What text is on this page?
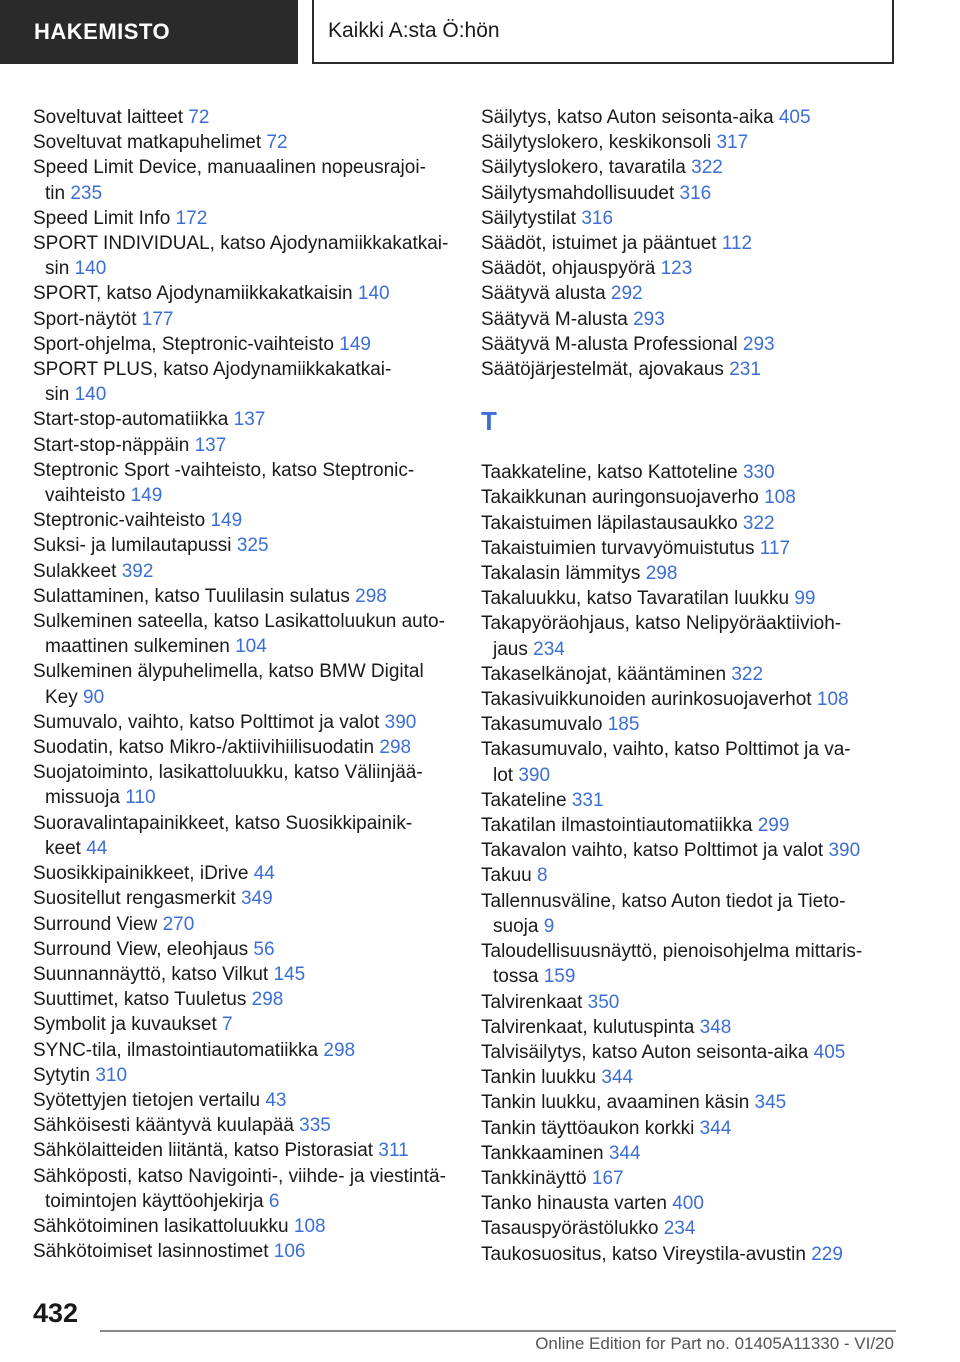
HAKEMISTO	Kaikki A:sta Ö:hön
Soveltuvat laitteet 72
Soveltuvat matkapuhelimet 72
Speed Limit Device, manuaalinen nopeusrajoi-
tin 235
Speed Limit Info 172
SPORT INDIVIDUAL, katso Ajodynamiikkakatkai-
sin 140
SPORT, katso Ajodynamiikkakatkaisin 140
Sport-näytöt 177
Sport-ohjelma, Steptronic-vaihteisto 149
SPORT PLUS, katso Ajodynamiikkakatkai-
sin 140
Start-stop-automatiikka 137
Start-stop-näppäin 137
Steptronic Sport -vaihteisto, katso Steptronic-
vaihteisto 149
Steptronic-vaihteisto 149
Suksi- ja lumilautapussi 325
Sulakkeet 392
Sulattaminen, katso Tuulilasin sulatus 298
Sulkeminen sateella, katso Lasikattoluukun auto-
maattinen sulkeminen 104
Sulkeminen älypuhelimella, katso BMW Digital
Key 90
Sumuvalo, vaihto, katso Polttimot ja valot 390
Suodatin, katso Mikro-/aktiivihiilisuodatin 298
Suojatoiminto, lasikattoluukku, katso Väliinjää-
missuoja 110
Suoravalintapainikkeet, katso Suosikkipainik-
keet 44
Suosikkipainikkeet, iDrive 44
Suositellut rengasmerkit 349
Surround View 270
Surround View, eleohjaus 56
Suunnannäyttö, katso Vilkut 145
Suuttimet, katso Tuuletus 298
Symbolit ja kuvaukset 7
SYNC-tila, ilmastointiautomatiikka 298
Sytytin 310
Syötettyjen tietojen vertailu 43
Sähköisesti kääntyvä kuulapää 335
Sähkölaitteiden liitäntä, katso Pistorasiat 311
Sähköposti, katso Navigointi-, viihde- ja viestintä-
toimintojen käyttöohjekirja 6
Sähkötoiminen lasikattoluukku 108
Sähkötoimiset lasinnostimet 106
Säilytys, katso Auton seisonta-aika 405
Säilytyslokero, keskikonsoli 317
Säilytyslokero, tavaratila 322
Säilytysmahdollisuudet 316
Säilytystilat 316
Säädöt, istuimet ja pääntuet 112
Säädöt, ohjauspyörä 123
Säätyvä alusta 292
Säätyvä M-alusta 293
Säätyvä M-alusta Professional 293
Säätöjärjestelmät, ajovakaus 231
T
Taakkateline, katso Kattoteline 330
Takaikkunan auringonsuojaverho 108
Takaistuimen läpilastausaukko 322
Takaistuimien turvavyömuistutus 117
Takalasin lämmitys 298
Takaluukku, katso Tavaratilan luukku 99
Takapyöräohjaus, katso Nelipyöräaktiivioh-
jaus 234
Takaselkänojat, kääntäminen 322
Takasivuikkunoiden aurinkosuojaverhot 108
Takasumuvalo 185
Takasumuvalo, vaihto, katso Polttimot ja va-
lot 390
Takateline 331
Takatilan ilmastointiautomatiikka 299
Takavalon vaihto, katso Polttimot ja valot 390
Takuu 8
Tallennusväline, katso Auton tiedot ja Tieto-
suoja 9
Taloudellisuusnäyttö, pienoisohjelma mittaris-
tossa 159
Talvirenkaat 350
Talvirenkaat, kulutuspinta 348
Talvisäilytys, katso Auton seisonta-aika 405
Tankin luukku 344
Tankin luukku, avaaminen käsin 345
Tankin täyttöaukon korkki 344
Tankkaaminen 344
Tankkinäyttö 167
Tanko hinausta varten 400
Tasauspyörästölukko 234
Taukosuositus, katso Vireystila-avustin 229
432
Online Edition for Part no. 01405A11330 - VI/20
